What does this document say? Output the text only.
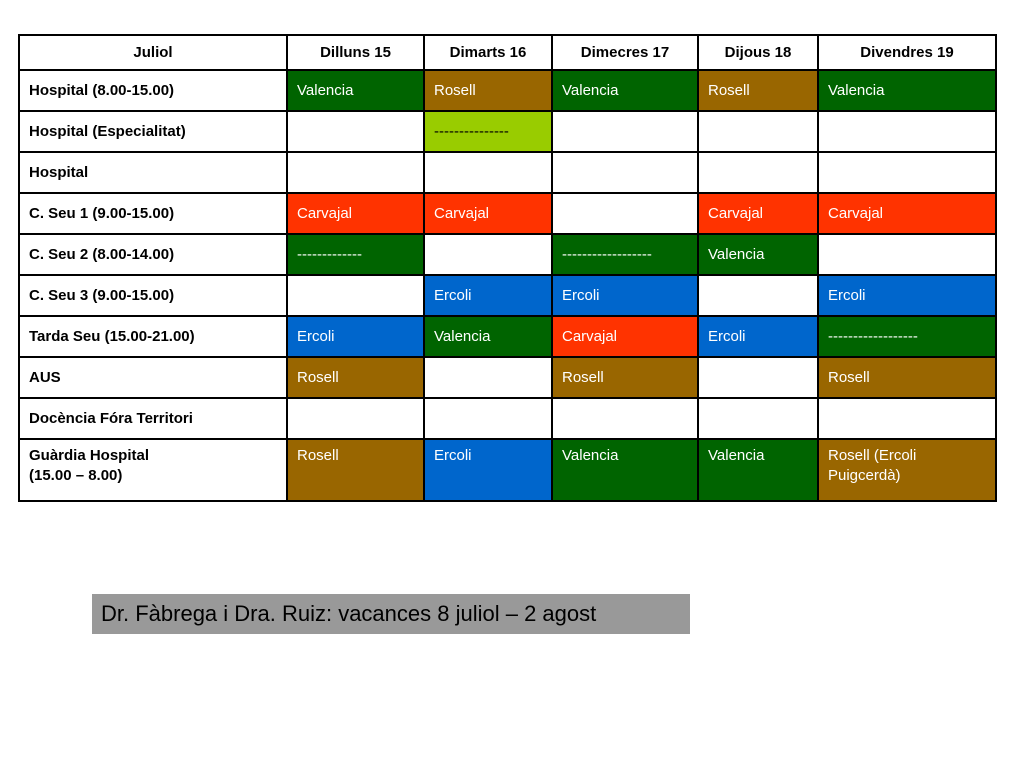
Juliol	Dilluns 15	Dimarts 16	Dimecres 17	Dijous 18	Divendres 19

Hospital (8.00-15.00)	Valencia	Rosell	Valencia	Rosell	Valencia

Hospital (Especialitat)		---------------			

Hospital					

C. Seu 1 (9.00-15.00)	Carvajal	Carvajal		Carvajal	Carvajal

C. Seu 2 (8.00-14.00)	-------------		------------------	Valencia	

C. Seu 3 (9.00-15.00)		Ercoli	Ercoli		Ercoli

Tarda Seu (15.00-21.00)	Ercoli	Valencia	Carvajal	Ercoli	------------------

AUS	Rosell		Rosell		Rosell

Docència Fóra Territori					

Guàrdia Hospital
(15.00 – 8.00)	Rosell	Ercoli	Valencia	Valencia	Rosell (Ercoli
Puigcerdà)
Dr. Fàbrega i Dra. Ruiz: vacances 8 juliol – 2 agost
